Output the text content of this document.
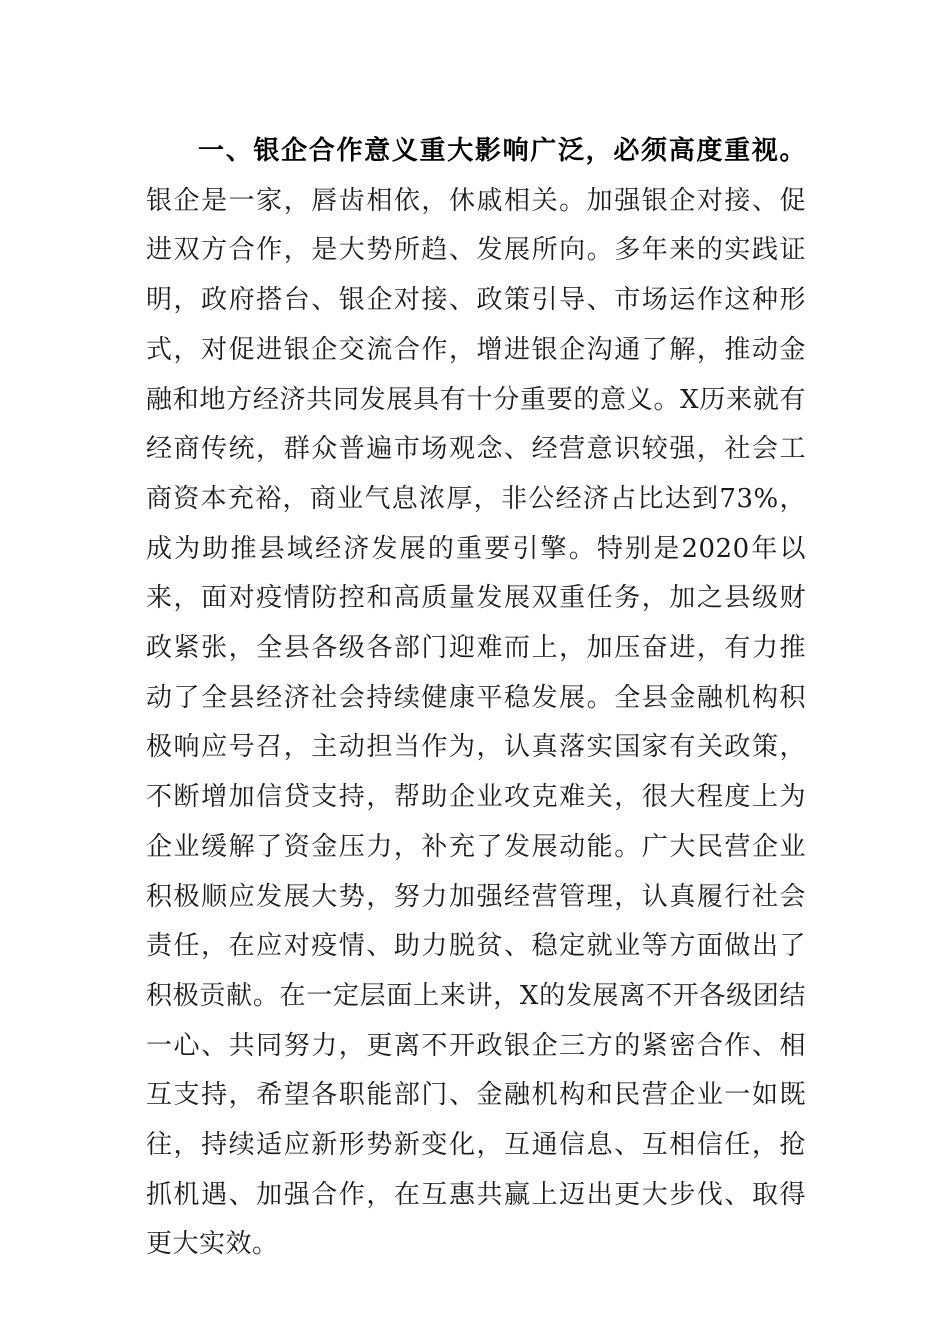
一、银企合作意义重大影响广泛，必须高度重视。银企是一家，唇齿相依，休戚相关。加强银企对接、促进双方合作，是大势所趋、发展所向。多年来的实践证明，政府搭台、银企对接、政策引导、市场运作这种形式，对促进银企交流合作，增进银企沟通了解，推动金融和地方经济共同发展具有十分重要的意义。X历来就有经商传统，群众普遍市场观念、经营意识较强，社会工商资本充裕，商业气息浓厚，非公经济占比达到73%，成为助推县域经济发展的重要引擎。特别是2020年以来，面对疫情防控和高质量发展双重任务，加之县级财政紧张，全县各级各部门迎难而上，加压奋进，有力推动了全县经济社会持续健康平稳发展。全县金融机构积极响应号召，主动担当作为，认真落实国家有关政策，不断增加信贷支持，帮助企业攻克难关，很大程度上为企业缓解了资金压力，补充了发展动能。广大民营企业积极顺应发展大势，努力加强经营管理，认真履行社会责任，在应对疫情、助力脱贫、稳定就业等方面做出了积极贡献。在一定层面上来讲，X的发展离不开各级团结一心、共同努力，更离不开政银企三方的紧密合作、相互支持，希望各职能部门、金融机构和民营企业一如既往，持续适应新形势新变化，互通信息、互相信任，抢抓机遇、加强合作，在互惠共赢上迈出更大步伐、取得更大实效。
